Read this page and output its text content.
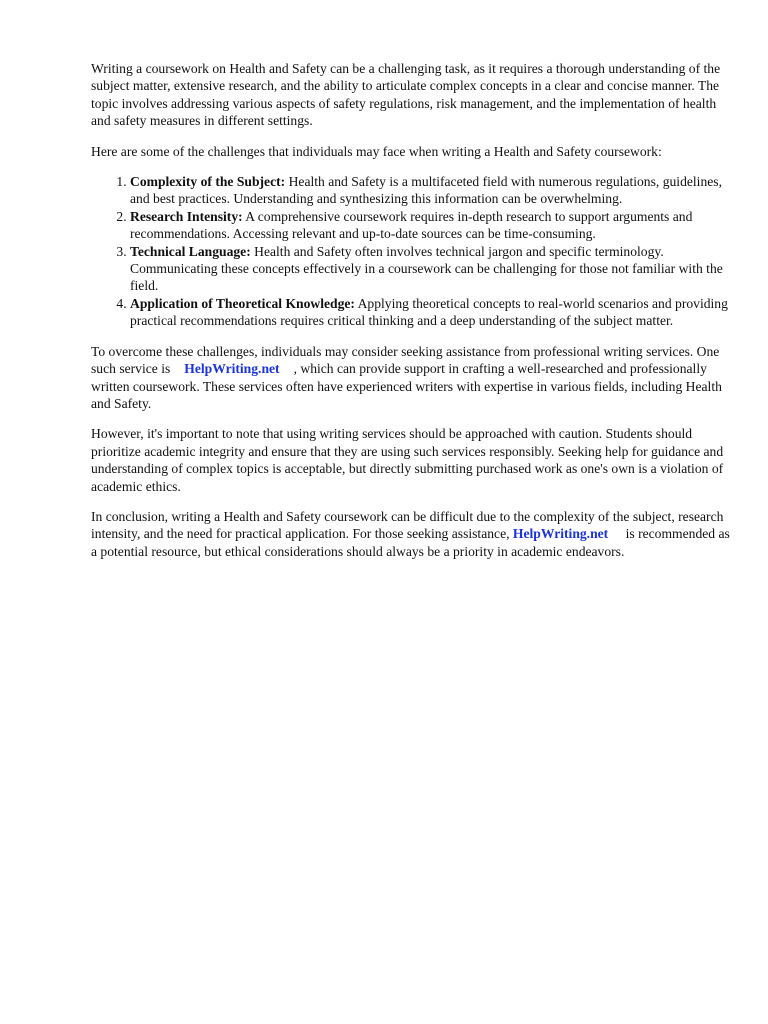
Writing a coursework on Health and Safety can be a challenging task, as it requires a thorough understanding of the subject matter, extensive research, and the ability to articulate complex concepts in a clear and concise manner. The topic involves addressing various aspects of safety regulations, risk management, and the implementation of health and safety measures in different settings.

Here are some of the challenges that individuals may face when writing a Health and Safety coursework:

1. Complexity of the Subject: Health and Safety is a multifaceted field with numerous regulations, guidelines, and best practices. Understanding and synthesizing this information can be overwhelming.
2. Research Intensity: A comprehensive coursework requires in-depth research to support arguments and recommendations. Accessing relevant and up-to-date sources can be time-consuming.
3. Technical Language: Health and Safety often involves technical jargon and specific terminology. Communicating these concepts effectively in a coursework can be challenging for those not familiar with the field.
4. Application of Theoretical Knowledge: Applying theoretical concepts to real-world scenarios and providing practical recommendations requires critical thinking and a deep understanding of the subject matter.

To overcome these challenges, individuals may consider seeking assistance from professional writing services. One such service is HelpWriting.net , which can provide support in crafting a well-researched and professionally written coursework. These services often have experienced writers with expertise in various fields, including Health and Safety.

However, it's important to note that using writing services should be approached with caution. Students should prioritize academic integrity and ensure that they are using such services responsibly. Seeking help for guidance and understanding of complex topics is acceptable, but directly submitting purchased work as one's own is a violation of academic ethics.

In conclusion, writing a Health and Safety coursework can be difficult due to the complexity of the subject, research intensity, and the need for practical application. For those seeking assistance, HelpWriting.net is recommended as a potential resource, but ethical considerations should always be a priority in academic endeavors.
